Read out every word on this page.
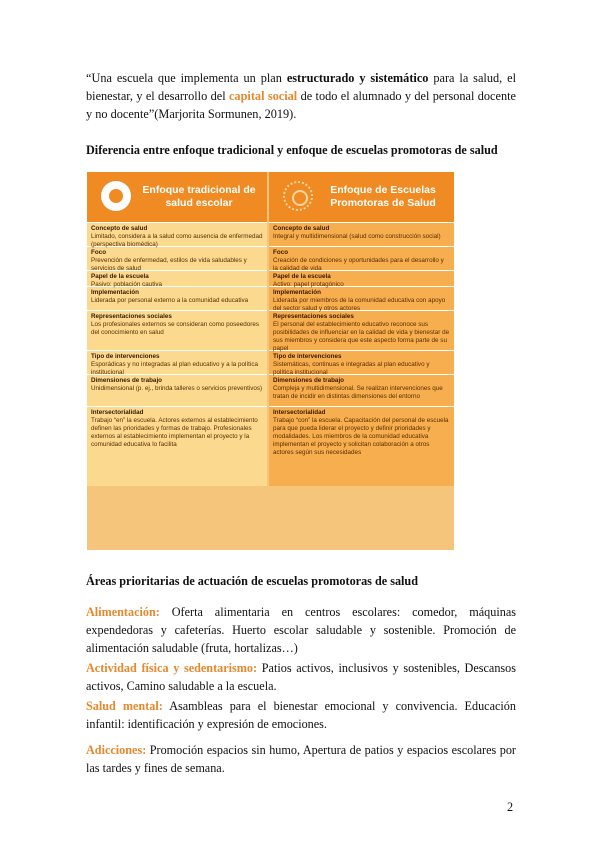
“Una escuela que implementa un plan estructurado y sistemático para la salud, el bienestar, y el desarrollo del capital social de todo el alumnado y del personal docente y no docente”(Marjorita Sormunen, 2019).
Diferencia entre enfoque tradicional y enfoque de escuelas promotoras de salud
Enfoque tradicional de salud escolar
Enfoque de Escuelas Promotoras de Salud
Concepto de salud
Limitado, considera a la salud como ausencia de enfermedad (perspectiva biomédica)
Foco
Prevención de enfermedad, estilos de vida saludables y servicios de salud
Papel de la escuela
Pasivo: población cautiva
Implementación
Liderada por personal externo a la comunidad educativa
Representaciones sociales
Los profesionales externos se consideran como poseedores del conocimiento en salud
Tipo de intervenciones
Esporádicas y no integradas al plan educativo y a la política institucional
Dimensiones de trabajo
Unidimensional (p. ej., brinda talleres o servicios preventivos)
Intersectorialidad
Trabajo “en” la escuela. Actores externos al establecimiento definen las prioridades y formas de trabajo. Profesionales externos al establecimiento implementan el proyecto y la comunidad educativa lo facilita
Concepto de salud
Integral y multidimensional (salud como construcción social)
Foco
Creación de condiciones y oportunidades para el desarrollo y la calidad de vida
Papel de la escuela
Activo: papel protagónico
Implementación
Liderada por miembros de la comunidad educativa con apoyo del sector salud y otros actores
Representaciones sociales
El personal del establecimiento educativo reconoce sus posibilidades de influenciar en la calidad de vida y bienestar de sus miembros y considera que este aspecto forma parte de su papel
Tipo de intervenciones
Sistemáticas, continuas e integradas al plan educativo y política institucional
Dimensiones de trabajo
Compleja y multidimensional. Se realizan intervenciones que tratan de incidir en distintas dimensiones del entorno
Intersectorialidad
Trabajo “con” la escuela. Capacitación del personal de escuela para que pueda liderar el proyecto y definir prioridades y modalidades. Los miembros de la comunidad educativa implementan el proyecto y solicitan colaboración a otros actores según sus necesidades
Áreas prioritarias de actuación de escuelas promotoras de salud
Alimentación: Oferta alimentaria en centros escolares: comedor, máquinas expendedoras y cafeterías. Huerto escolar saludable y sostenible. Promoción de alimentación saludable (fruta, hortalizas…)
Actividad física y sedentarismo: Patios activos, inclusivos y sostenibles, Descansos activos, Camino saludable a la escuela.
Salud mental: Asambleas para el bienestar emocional y convivencia. Educación infantil: identificación y expresión de emociones.
Adicciones: Promoción espacios sin humo, Apertura de patios y espacios escolares por las tardes y fines de semana.
2
